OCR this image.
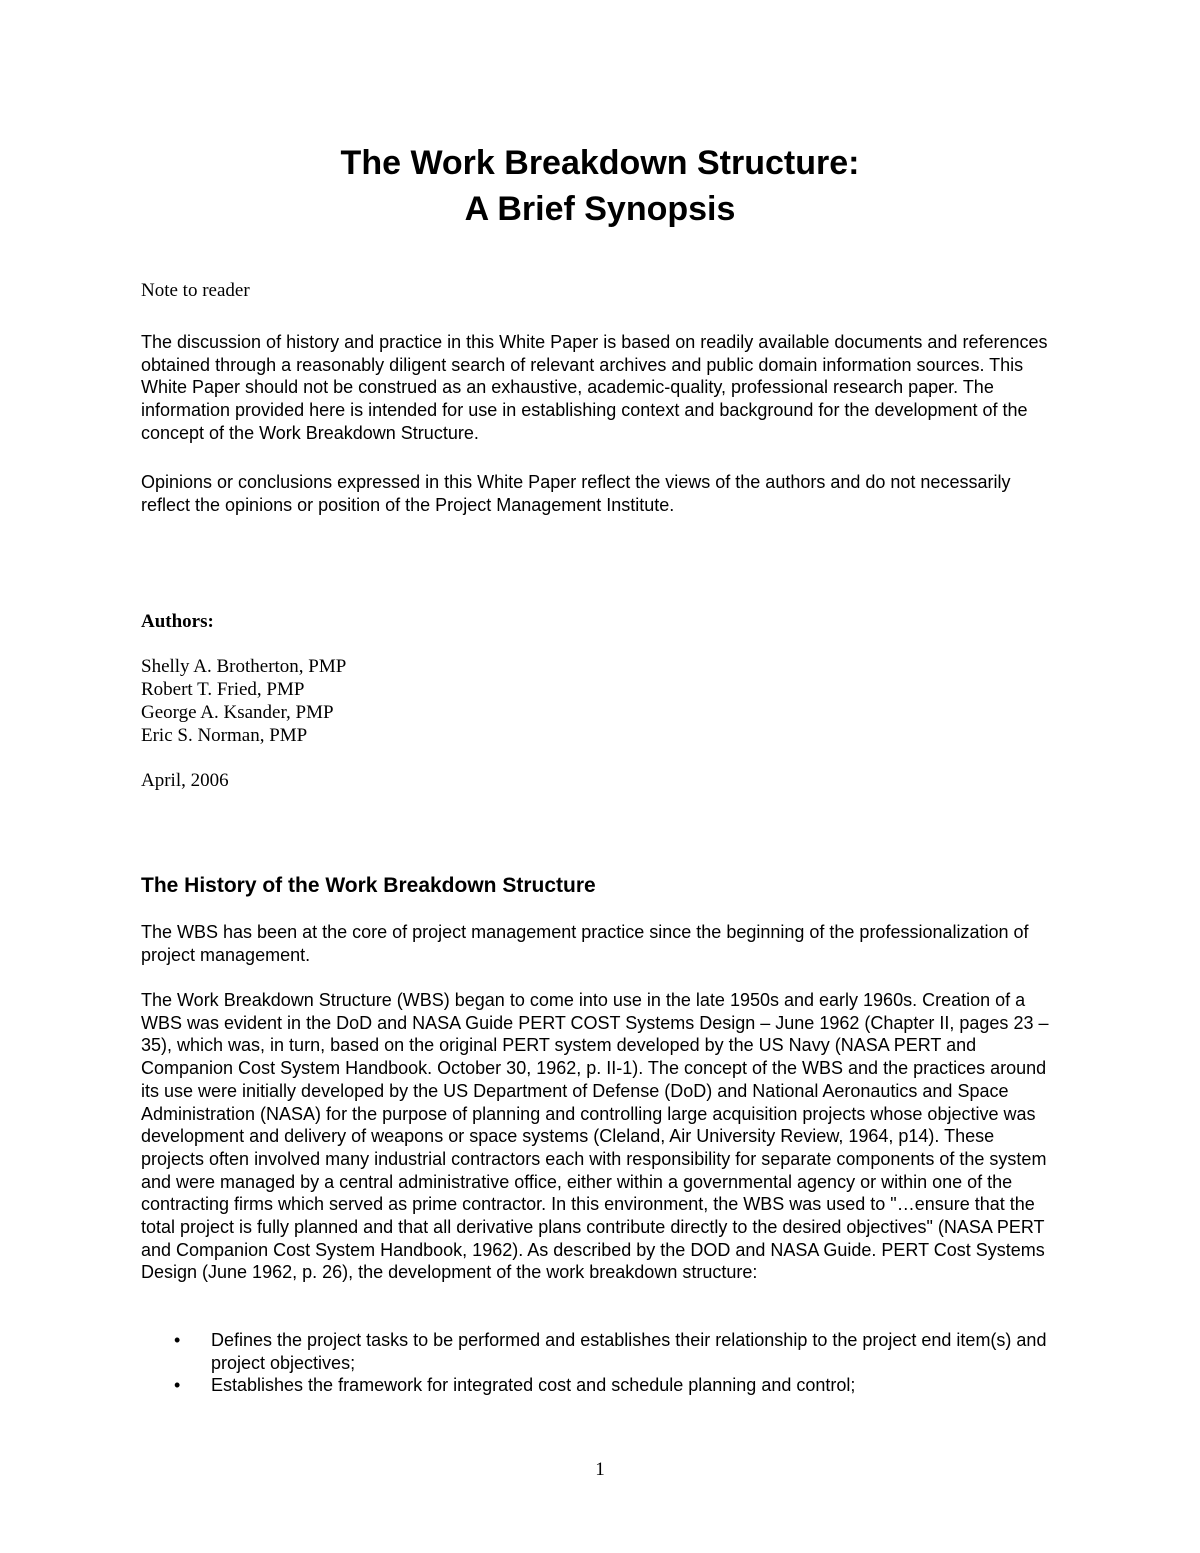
The Work Breakdown Structure:
A Brief Synopsis

Note to reader

The discussion of history and practice in this White Paper is based on readily available documents and references obtained through a reasonably diligent search of relevant archives and public domain information sources. This White Paper should not be construed as an exhaustive, academic-quality, professional research paper. The information provided here is intended for use in establishing context and background for the development of the concept of the Work Breakdown Structure.

Opinions or conclusions expressed in this White Paper reflect the views of the authors and do not necessarily reflect the opinions or position of the Project Management Institute.

Authors:

Shelly A. Brotherton, PMP
Robert T. Fried, PMP
George A. Ksander, PMP
Eric S. Norman, PMP

April, 2006

The History of the Work Breakdown Structure

The WBS has been at the core of project management practice since the beginning of the professionalization of project management.

The Work Breakdown Structure (WBS) began to come into use in the late 1950s and early 1960s. Creation of a WBS was evident in the DoD and NASA Guide PERT COST Systems Design – June 1962 (Chapter II, pages 23 – 35), which was, in turn, based on the original PERT system developed by the US Navy (NASA PERT and Companion Cost System Handbook. October 30, 1962, p. II-1). The concept of the WBS and the practices around its use were initially developed by the US Department of Defense (DoD) and National Aeronautics and Space Administration (NASA) for the purpose of planning and controlling large acquisition projects whose objective was development and delivery of weapons or space systems (Cleland, Air University Review, 1964, p14). These projects often involved many industrial contractors each with responsibility for separate components of the system and were managed by a central administrative office, either within a governmental agency or within one of the contracting firms which served as prime contractor. In this environment, the WBS was used to "…ensure that the total project is fully planned and that all derivative plans contribute directly to the desired objectives" (NASA PERT and Companion Cost System Handbook, 1962). As described by the DOD and NASA Guide. PERT Cost Systems Design (June 1962, p. 26), the development of the work breakdown structure:

• Defines the project tasks to be performed and establishes their relationship to the project end item(s) and project objectives;
• Establishes the framework for integrated cost and schedule planning and control;
1
